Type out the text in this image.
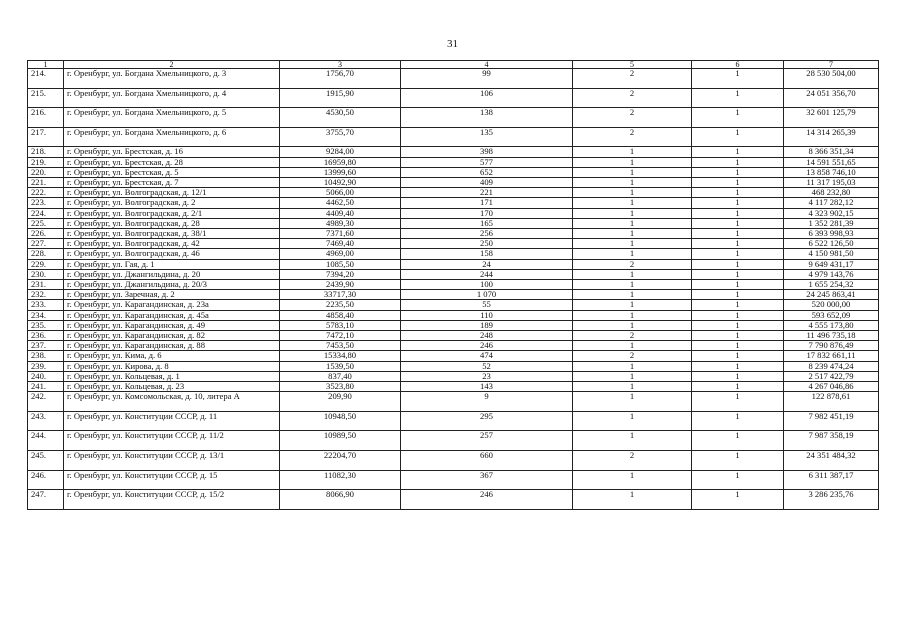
31
1	2	3	4	5	6	7
214.	г. Оренбург, ул. Богдана Хмельницкого, д. 3	1756,70	99	2	1	28 530 504,00
215.	г. Оренбург, ул. Богдана Хмельницкого, д. 4	1915,90	106	2	1	24 051 356,70
216.	г. Оренбург, ул. Богдана Хмельницкого, д. 5	4530,50	138	2	1	32 601 125,79
217.	г. Оренбург, ул. Богдана Хмельницкого, д. 6	3755,70	135	2	1	14 314 265,39
218.	г. Оренбург, ул. Брестская, д. 16	9284,00	398	1	1	8 366 351,34
219.	г. Оренбург, ул. Брестская, д. 28	16959,80	577	1	1	14 591 551,65
220.	г. Оренбург, ул. Брестская, д. 5	13999,60	652	1	1	13 858 746,10
221.	г. Оренбург, ул. Брестская, д. 7	10492,90	409	1	1	11 317 195,03
222.	г. Оренбург, ул. Волгоградская, д. 12/1	5066,00	221	1	1	468 232,80
223.	г. Оренбург, ул. Волгоградская, д. 2	4462,50	171	1	1	4 117 282,12
224.	г. Оренбург, ул. Волгоградская, д. 2/1	4409,40	170	1	1	4 323 902,15
225.	г. Оренбург, ул. Волгоградская, д. 28	4989,30	165	1	1	1 352 281,39
226.	г. Оренбург, ул. Волгоградская, д. 38/1	7371,60	256	1	1	6 393 998,93
227.	г. Оренбург, ул. Волгоградская, д. 42	7469,40	250	1	1	6 522 126,50
228.	г. Оренбург, ул. Волгоградская, д. 46	4969,00	158	1	1	4 150 981,50
229.	г. Оренбург, ул. Гая, д. 1	1085,50	24	2	1	9 649 431,17
230.	г. Оренбург, ул. Джангильдина, д. 20	7394,20	244	1	1	4 979 143,76
231.	г. Оренбург, ул. Джангильдина, д. 20/3	2439,90	100	1	1	1 655 254,32
232.	г. Оренбург, ул. Заречная, д. 2	33717,30	1 070	1	1	24 245 863,41
233.	г. Оренбург, ул. Карагандинская, д. 23а	2235,50	55	1	1	520 000,00
234.	г. Оренбург, ул. Карагандинская, д. 45а	4858,40	110	1	1	593 652,09
235.	г. Оренбург, ул. Карагандинская, д. 49	5783,10	189	1	1	4 555 173,80
236.	г. Оренбург, ул. Карагандинская, д. 82	7472,10	248	2	1	11 496 735,18
237.	г. Оренбург, ул. Карагандинская, д. 88	7453,50	246	1	1	7 790 876,49
238.	г. Оренбург, ул. Кима, д. 6	15334,80	474	2	1	17 832 661,11
239.	г. Оренбург, ул. Кирова, д. 8	1539,50	52	1	1	8 239 474,24
240.	г. Оренбург, ул. Кольцевая, д. 1	837,40	23	1	1	2 517 422,79
241.	г. Оренбург, ул. Кольцевая, д. 23	3523,80	143	1	1	4 267 046,86
242.	г. Оренбург, ул. Комсомольская, д. 10, литера А	209,90	9	1	1	122 878,61
243.	г. Оренбург, ул. Конституции СССР, д. 11	10948,50	295	1	1	7 982 451,19
244.	г. Оренбург, ул. Конституции СССР, д. 11/2	10989,50	257	1	1	7 987 358,19
245.	г. Оренбург, ул. Конституции СССР, д. 13/1	22204,70	660	2	1	24 351 484,32
246.	г. Оренбург, ул. Конституции СССР, д. 15	11082,30	367	1	1	6 311 387,17
247.	г. Оренбург, ул. Конституции СССР, д. 15/2	8066,90	246	1	1	3 286 235,76
